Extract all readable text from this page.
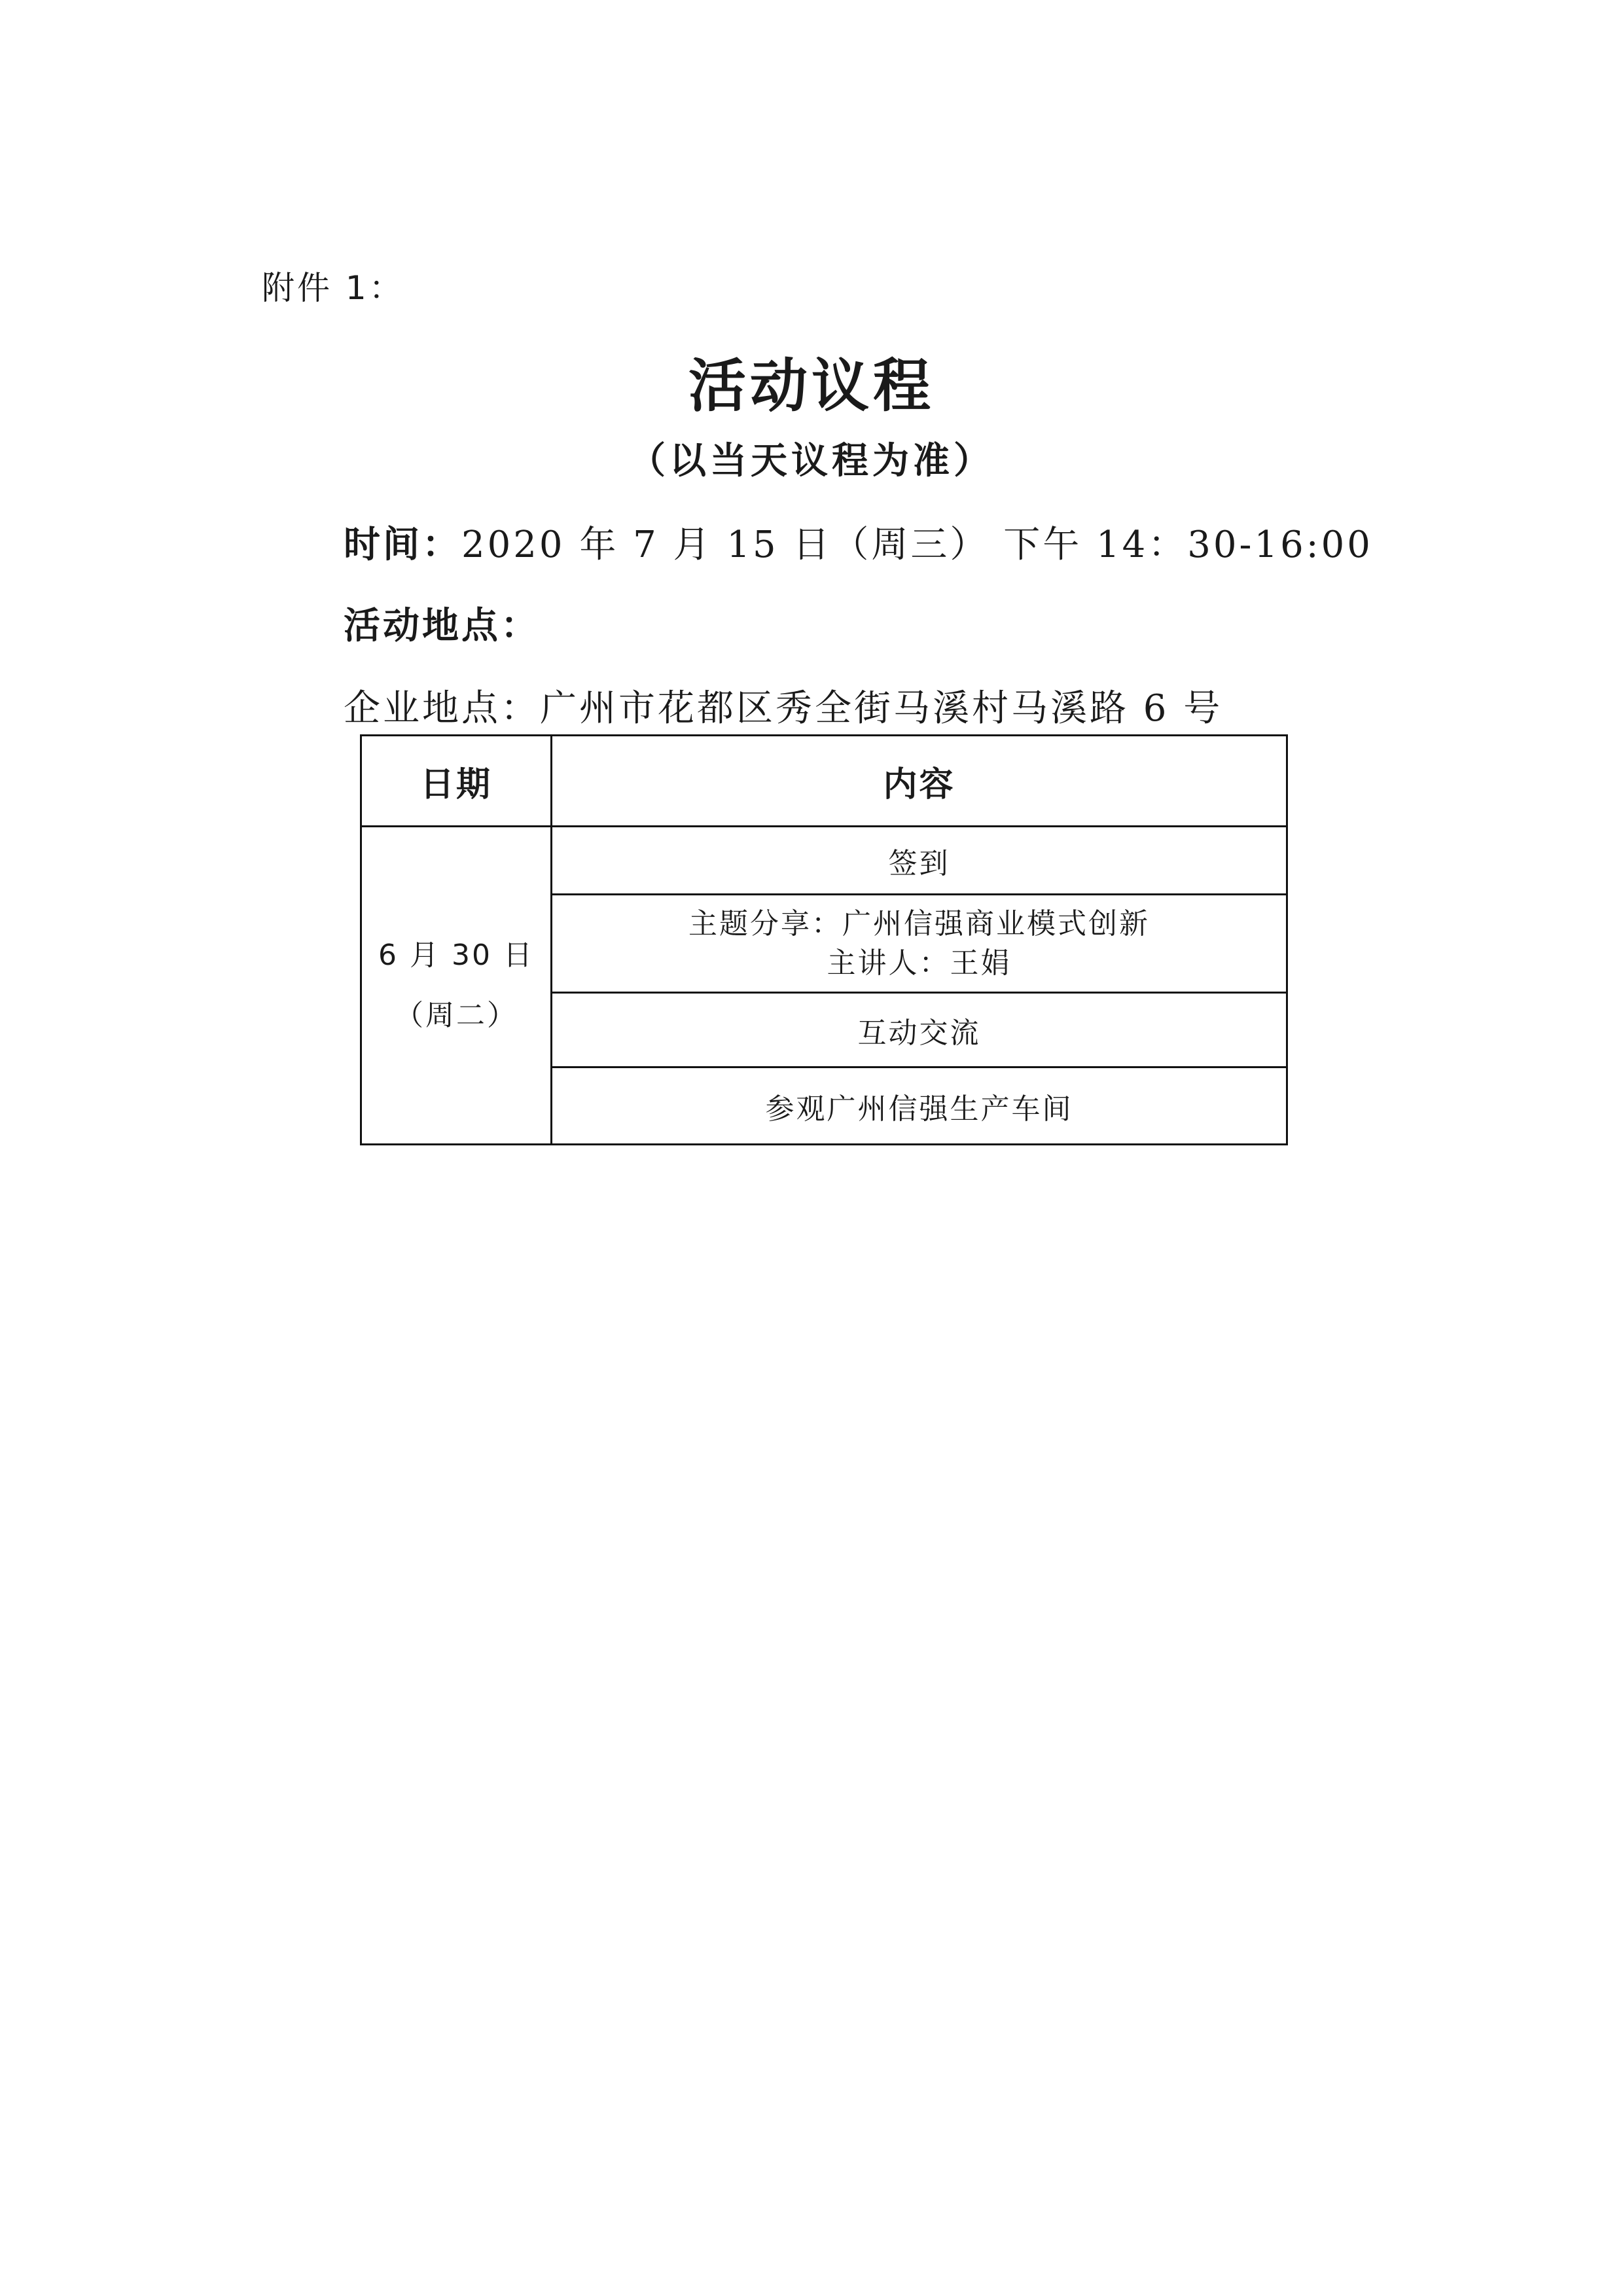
附件 1：

活动议程
（以当天议程为准）

时间：2020 年 7 月 15 日（周三） 下午 14：30-16:00

活动地点：

企业地点：广州市花都区秀全街马溪村马溪路 6 号

日期	内容

6 月 30 日
（周二）	签到

	主题分享：广州信强商业模式创新
主讲人：王娟

	互动交流
	参观广州信强生产车间
